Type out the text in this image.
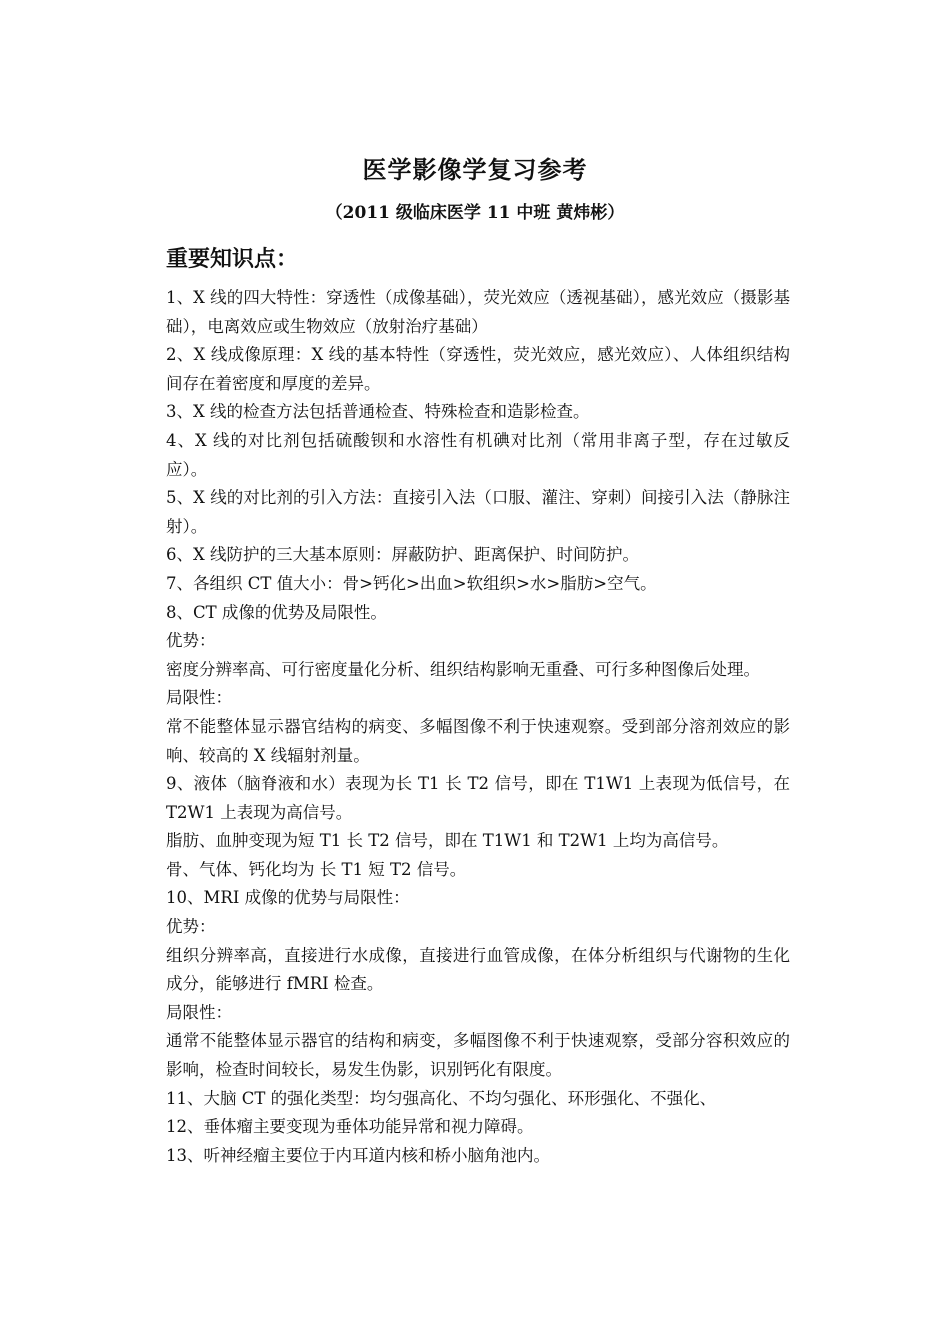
医学影像学复习参考
（2011 级临床医学 11 中班 黄炜彬）
重要知识点：

1、X 线的四大特性：穿透性（成像基础），荧光效应（透视基础），感光效应（摄影基础），电离效应或生物效应（放射治疗基础）

2、X 线成像原理：X 线的基本特性（穿透性，荧光效应，感光效应）、人体组织结构间存在着密度和厚度的差异。

3、X 线的检查方法包括普通检查、特殊检查和造影检查。

4、X 线的对比剂包括硫酸钡和水溶性有机碘对比剂（常用非离子型，存在过敏反应）。

5、X 线的对比剂的引入方法：直接引入法（口服、灌注、穿刺）间接引入法（静脉注射）。

6、X 线防护的三大基本原则：屏蔽防护、距离保护、时间防护。

7、各组织 CT 值大小：骨>钙化>出血>软组织>水>脂肪>空气。

8、CT 成像的优势及局限性。

优势：

密度分辨率高、可行密度量化分析、组织结构影响无重叠、可行多种图像后处理。

局限性：

常不能整体显示器官结构的病变、多幅图像不利于快速观察。受到部分溶剂效应的影响、较高的 X 线辐射剂量。

9、液体（脑脊液和水）表现为长 T1 长 T2 信号，即在 T1W1 上表现为低信号，在 T2W1 上表现为高信号。

脂肪、血肿变现为短 T1 长 T2 信号，即在 T1W1 和 T2W1 上均为高信号。

骨、气体、钙化均为 长 T1 短 T2 信号。

10、MRI 成像的优势与局限性：

优势：

组织分辨率高，直接进行水成像，直接进行血管成像，在体分析组织与代谢物的生化成分，能够进行 fMRI 检查。

局限性：

通常不能整体显示器官的结构和病变，多幅图像不利于快速观察，受部分容积效应的影响，检查时间较长，易发生伪影，识别钙化有限度。

11、大脑 CT 的强化类型：均匀强高化、不均匀强化、环形强化、不强化、

12、垂体瘤主要变现为垂体功能异常和视力障碍。

13、听神经瘤主要位于内耳道内核和桥小脑角池内。
